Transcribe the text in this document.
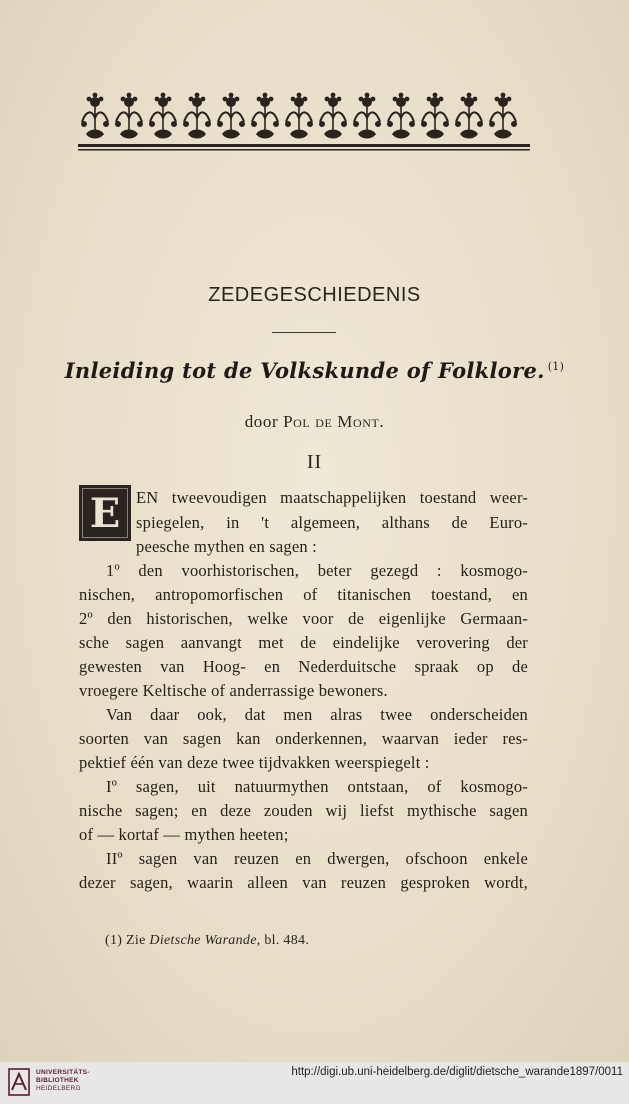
ZEDEGESCHIEDENIS
Inleiding tot de Volkskunde of Folklore. $^{(1)}$
door Pol de Mont.
II
E EN tweevoudigen maatschappelijken toestand weer-
spiegelen, in 't algemeen, althans de Euro-
peesche mythen en sagen :
1º den voorhistorischen, beter gezegd : kosmogo-
nischen, antropomorfischen of titanischen toestand, en
2º den historischen, welke voor de eigenlijke Germaan-
sche sagen aanvangt met de eindelijke verovering der
gewesten van Hoog- en Nederduitsche spraak op de
vroegere Keltische of anderrassige bewoners.
Van daar ook, dat men alras twee onderscheiden
soorten van sagen kan onderkennen, waarvan ieder res-
pektief één van deze twee tijdvakken weerspiegelt :
Iº sagen, uit natuurmythen ontstaan, of kosmogo-
nische sagen; en deze zouden wij liefst mythische sagen
of — kortaf — mythen heeten;
IIº sagen van reuzen en dwergen, ofschoon enkele
dezer sagen, waarin alleen van reuzen gesproken wordt,
(1) Zie Dietsche Warande, bl. 484.
UNIVERSITÄTS-
BIBLIOTHEK
HEIDELBERG
http://digi.ub.uni-heidelberg.de/diglit/dietsche_warande1897/0011
